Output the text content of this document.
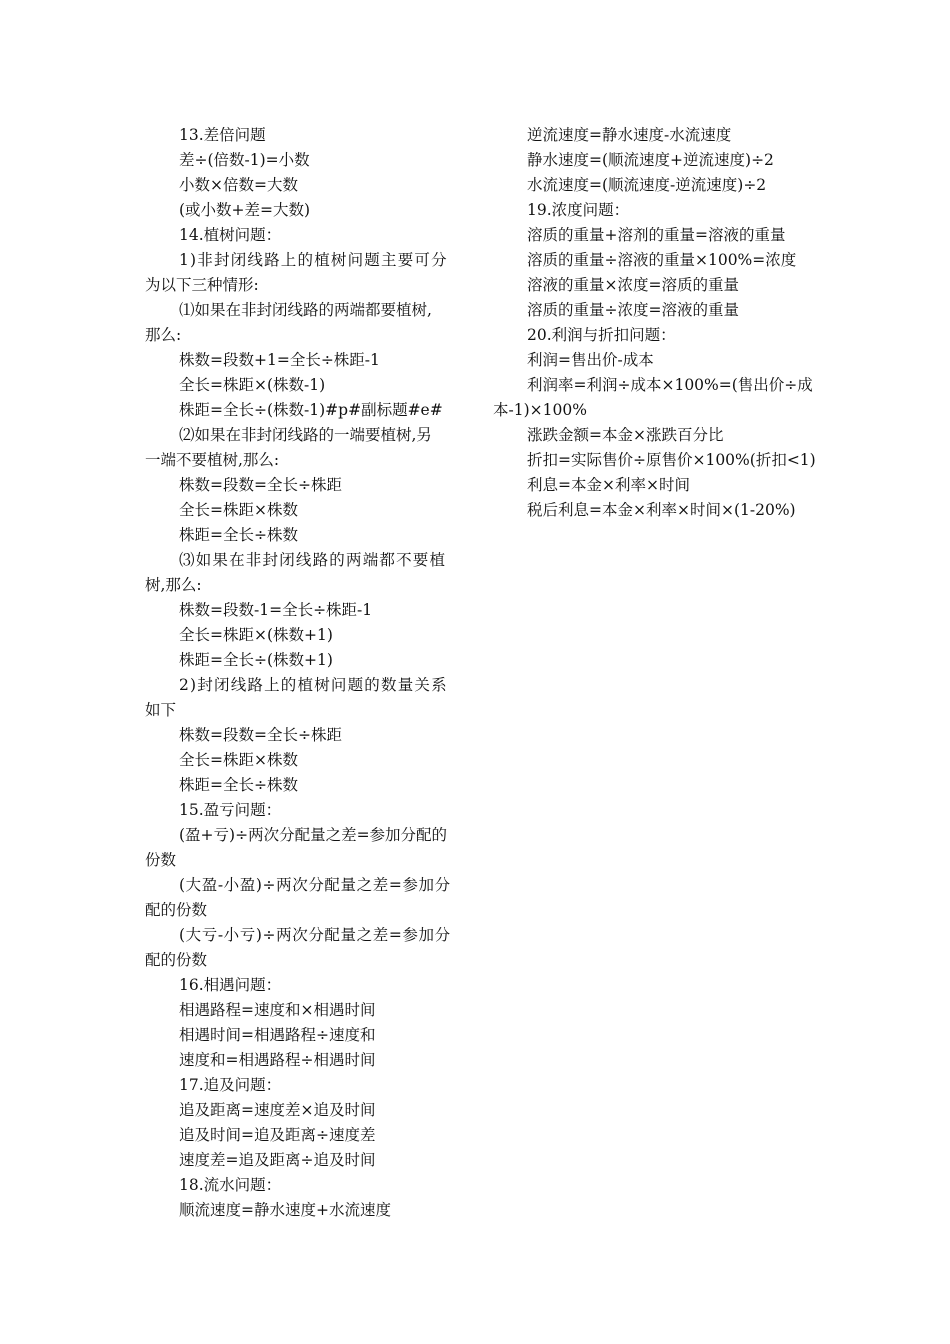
13.差倍问题

差÷(倍数-1)=小数

小数×倍数=大数

(或小数+差=大数)

14.植树问题：

1)非封闭线路上的植树问题主要可分

为以下三种情形:

⑴如果在非封闭线路的两端都要植树,

那么:

株数=段数+1=全长÷株距-1

全长=株距×(株数-1)

株距=全长÷(株数-1)#p#副标题#e#

⑵如果在非封闭线路的一端要植树,另

一端不要植树,那么:

株数=段数=全长÷株距

全长=株距×株数

株距=全长÷株数

⑶如果在非封闭线路的两端都不要植

树,那么:

株数=段数-1=全长÷株距-1

全长=株距×(株数+1)

株距=全长÷(株数+1)

2)封闭线路上的植树问题的数量关系

如下

株数=段数=全长÷株距

全长=株距×株数

株距=全长÷株数

15.盈亏问题：

(盈+亏)÷两次分配量之差=参加分配的

份数

(大盈-小盈)÷两次分配量之差=参加分

配的份数

(大亏-小亏)÷两次分配量之差=参加分

配的份数

16.相遇问题：

相遇路程=速度和×相遇时间

相遇时间=相遇路程÷速度和

速度和=相遇路程÷相遇时间

17.追及问题：

追及距离=速度差×追及时间

追及时间=追及距离÷速度差

速度差=追及距离÷追及时间

18.流水问题：

顺流速度=静水速度+水流速度

逆流速度=静水速度-水流速度

静水速度=(顺流速度+逆流速度)÷2

水流速度=(顺流速度-逆流速度)÷2

19.浓度问题：

溶质的重量+溶剂的重量=溶液的重量

溶质的重量÷溶液的重量×100%=浓度

溶液的重量×浓度=溶质的重量

溶质的重量÷浓度=溶液的重量

20.利润与折扣问题：

利润=售出价-成本

利润率=利润÷成本×100%=(售出价÷成

本-1)×100%

涨跌金额=本金×涨跌百分比

折扣=实际售价÷原售价×100%(折扣<1)

利息=本金×利率×时间

税后利息=本金×利率×时间×(1-20%)
